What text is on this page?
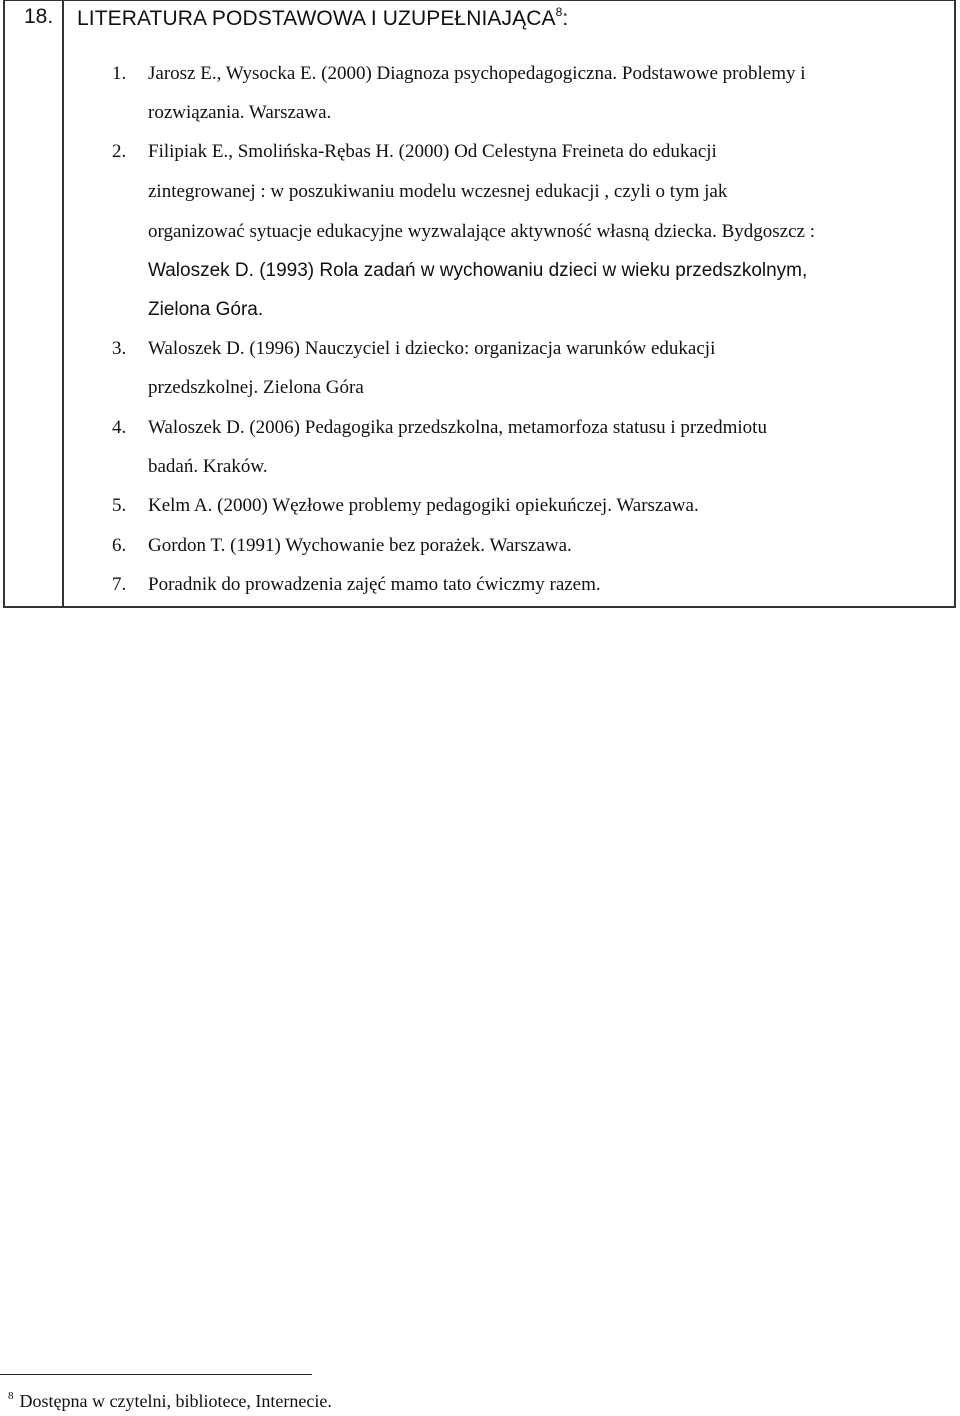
18. LITERATURA PODSTAWOWA I UZUPEŁNIAJĄCA$^8$:
1. Jarosz E., Wysocka E. (2000) Diagnoza psychopedagogiczna. Podstawowe problemy i
rozwiązania. Warszawa.
2. Filipiak E., Smolińska-Rębas H. (2000) Od Celestyna Freineta do edukacji
zintegrowanej : w poszukiwaniu modelu wczesnej edukacji , czyli o tym jak
organizować sytuacje edukacyjne wyzwalające aktywność własną dziecka. Bydgoszcz :
Waloszek D. (1993) Rola zadań w wychowaniu dzieci w wieku przedszkolnym,
Zielona Góra.
3. Waloszek D. (1996) Nauczyciel i dziecko: organizacja warunków edukacji
przedszkolnej. Zielona Góra
4. Waloszek D. (2006) Pedagogika przedszkolna, metamorfoza statusu i przedmiotu
badań. Kraków.
5. Kelm A. (2000) Węzłowe problemy pedagogiki opiekuńczej. Warszawa.
6. Gordon T. (1991) Wychowanie bez porażek. Warszawa.
7. Poradnik do prowadzenia zajęć mamo tato ćwiczmy razem.
$^8$ Dostępna w czytelni, bibliotece, Internecie.
